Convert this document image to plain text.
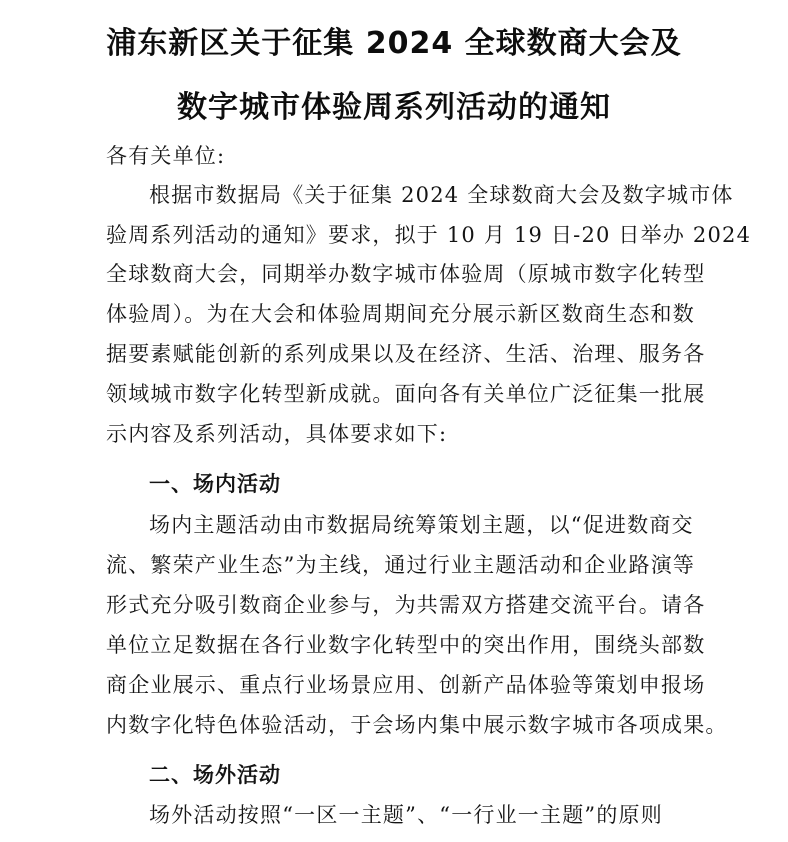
浦东新区关于征集 2024 全球数商大会及
数字城市体验周系列活动的通知
各有关单位:
根据市数据局《关于征集 2024 全球数商大会及数字城市体
验周系列活动的通知》要求，拟于 10 月 19 日-20 日举办 2024
全球数商大会，同期举办数字城市体验周（原城市数字化转型
体验周）。为在大会和体验周期间充分展示新区数商生态和数
据要素赋能创新的系列成果以及在经济、生活、治理、服务各
领域城市数字化转型新成就。面向各有关单位广泛征集一批展
示内容及系列活动，具体要求如下:
一、场内活动
场内主题活动由市数据局统筹策划主题，以“促进数商交
流、繁荣产业生态”为主线，通过行业主题活动和企业路演等
形式充分吸引数商企业参与，为共需双方搭建交流平台。请各
单位立足数据在各行业数字化转型中的突出作用，围绕头部数
商企业展示、重点行业场景应用、创新产品体验等策划申报场
内数字化特色体验活动，于会场内集中展示数字城市各项成果。
二、场外活动
场外活动按照“一区一主题”、“一行业一主题”的原则
